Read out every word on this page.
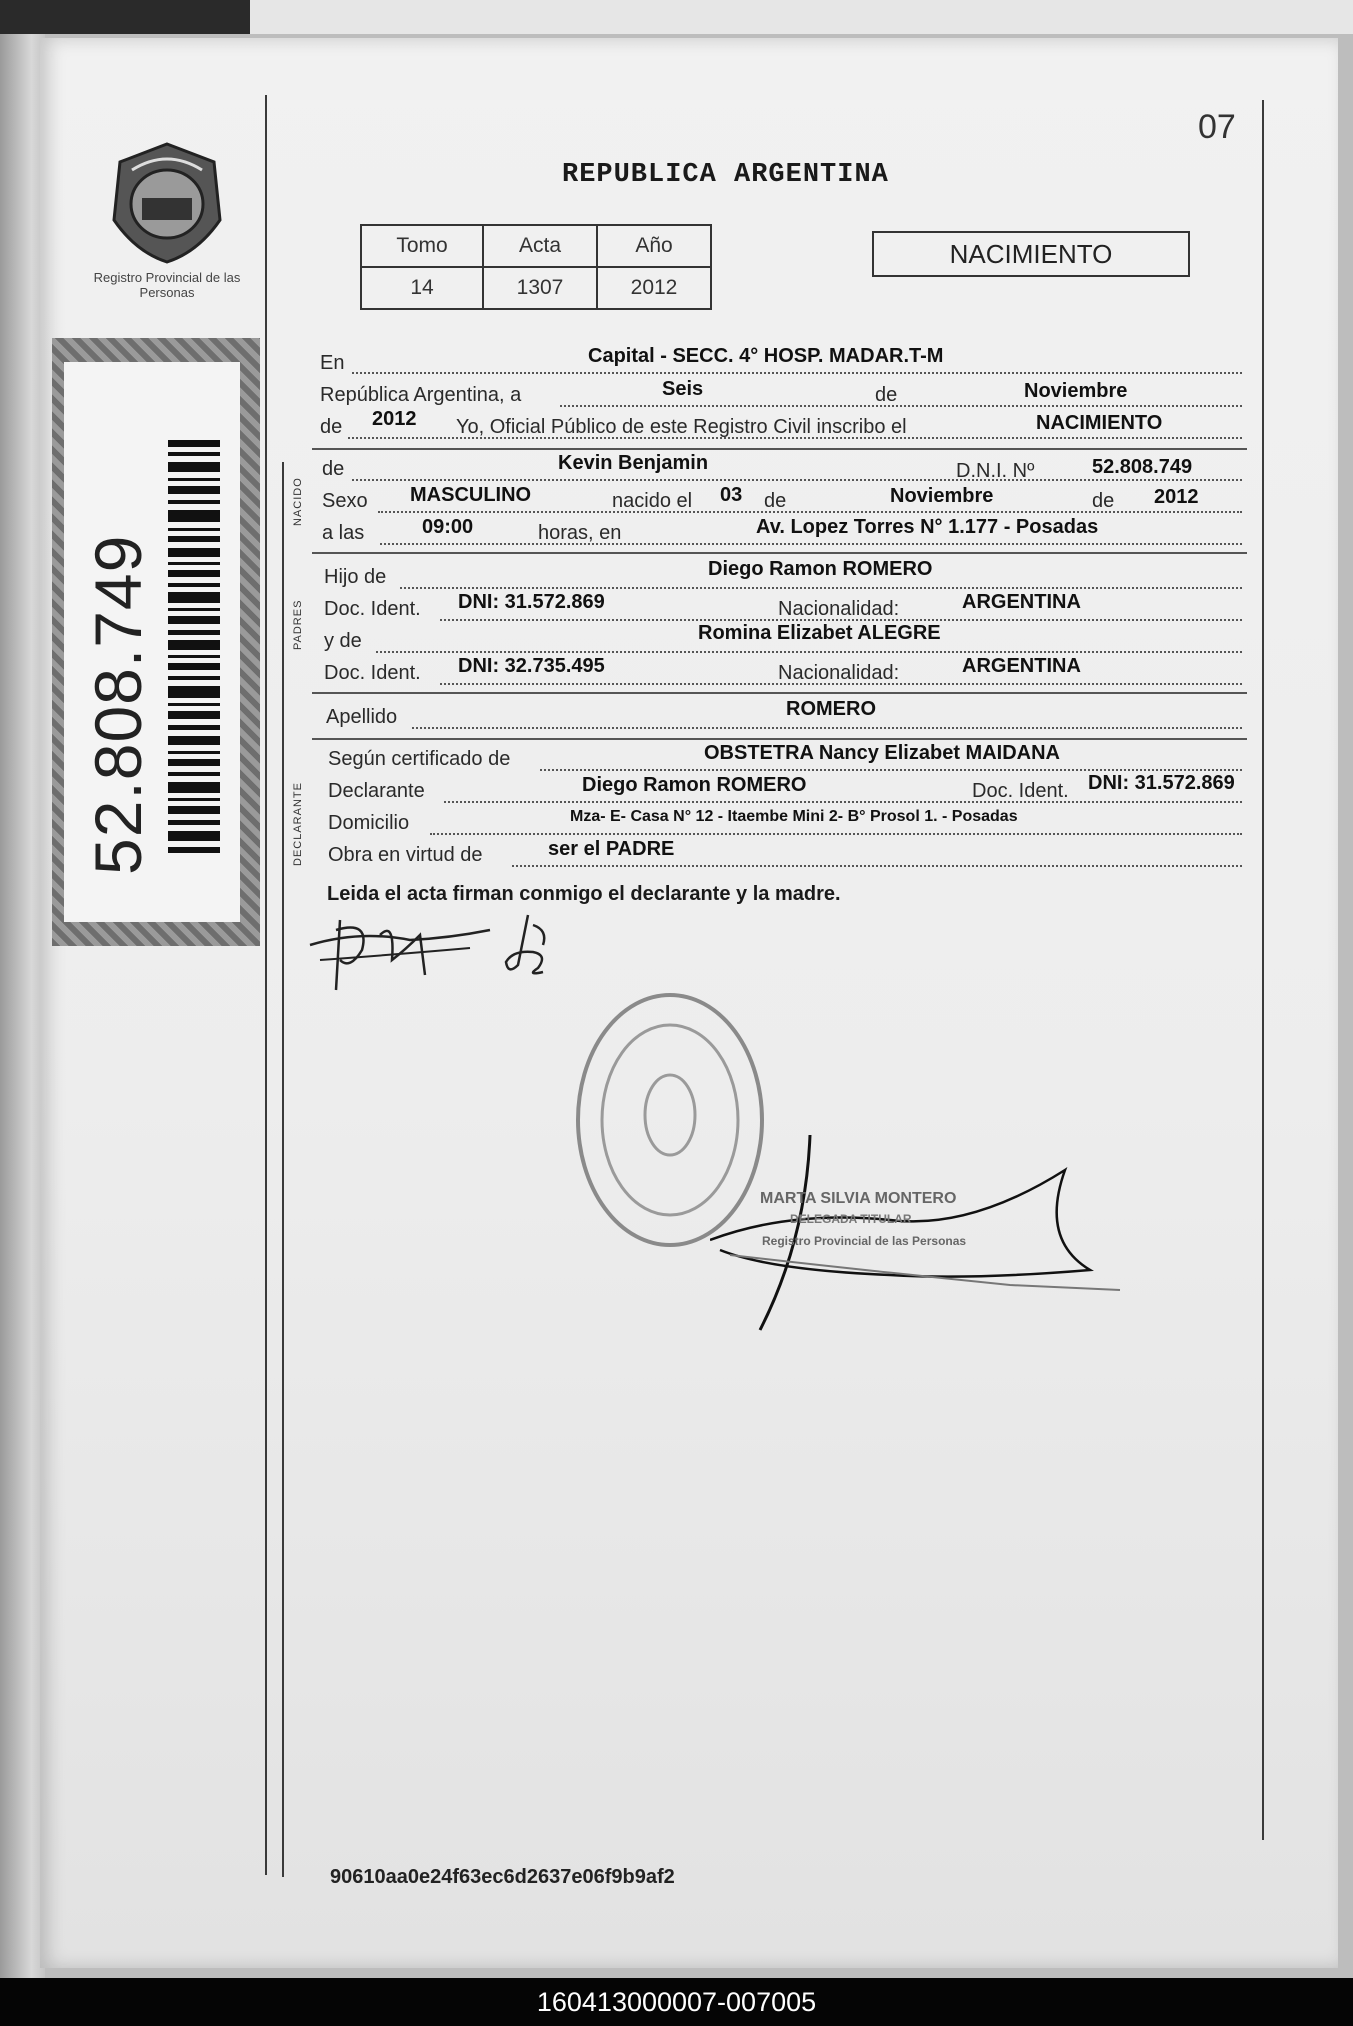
Registro Provincial de las Personas
52.808.749
07
REPUBLICA ARGENTINA
Tomo	Acta	Año
14	1307	2012
NACIMIENTO
En	Capital - SECC. 4° HOSP. MADAR.T-M
República Argentina, a	Seis	de	Noviembre
de 2012 Yo, Oficial Público de este Registro Civil inscribo el	NACIMIENTO
NACIDO
de	Kevin Benjamin	D.N.I. Nº	52.808.749
Sexo MASCULINO	nacido el 03 de	Noviembre	de 2012
a las	09:00	horas, en	Av. Lopez Torres N° 1.177 - Posadas
PADRES
Hijo de	Diego Ramon ROMERO
Doc. Ident. DNI: 31.572.869	Nacionalidad:	ARGENTINA
y de	Romina Elizabet ALEGRE
Doc. Ident. DNI: 32.735.495	Nacionalidad:	ARGENTINA
Apellido	ROMERO
DECLARANTE
Según certificado de	OBSTETRA Nancy Elizabet MAIDANA
Declarante	Diego Ramon ROMERO	Doc. Ident. DNI: 31.572.869
Domicilio	Mza- E- Casa N° 12 - Itaembe Mini 2- B° Prosol 1. - Posadas
Obra en virtud de	ser el PADRE
Leida el acta firman conmigo el declarante y la madre.
MARTA SILVIA MONTERO
DELEGADA TITULAR
Registro Provincial de las Personas
90610aa0e24f63ec6d2637e06f9b9af2
160413000007-007005
